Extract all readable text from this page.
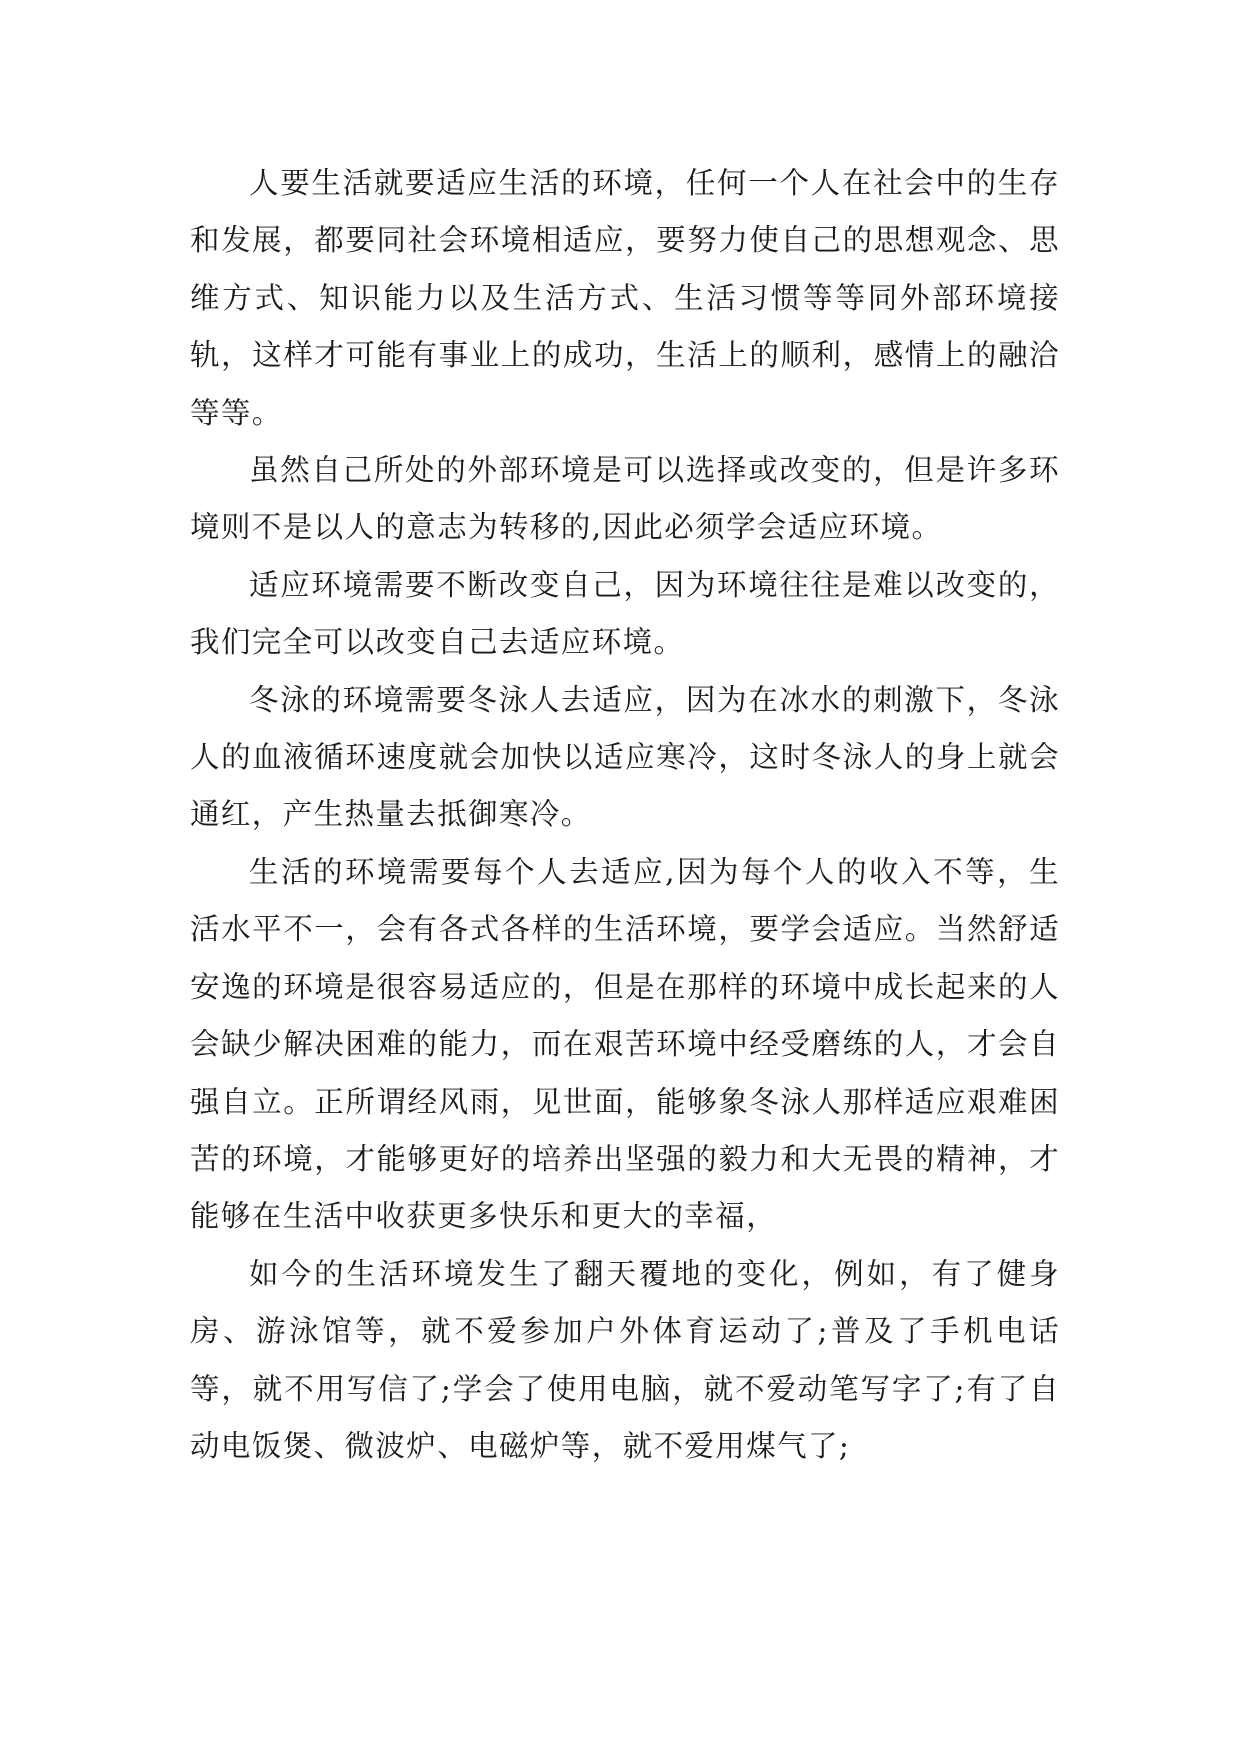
人要生活就要适应生活的环境，任何一个人在社会中的生存和发展，都要同社会环境相适应，要努力使自己的思想观念、思维方式、知识能力以及生活方式、生活习惯等等同外部环境接轨，这样才可能有事业上的成功，生活上的顺利，感情上的融洽等等。

虽然自己所处的外部环境是可以选择或改变的，但是许多环境则不是以人的意志为转移的,因此必须学会适应环境。

适应环境需要不断改变自己，因为环境往往是难以改变的，我们完全可以改变自己去适应环境。

冬泳的环境需要冬泳人去适应，因为在冰水的刺激下，冬泳人的血液循环速度就会加快以适应寒冷，这时冬泳人的身上就会通红，产生热量去抵御寒冷。

生活的环境需要每个人去适应,因为每个人的收入不等，生活水平不一，会有各式各样的生活环境，要学会适应。当然舒适安逸的环境是很容易适应的，但是在那样的环境中成长起来的人会缺少解决困难的能力，而在艰苦环境中经受磨练的人，才会自强自立。正所谓经风雨，见世面，能够象冬泳人那样适应艰难困苦的环境，才能够更好的培养出坚强的毅力和大无畏的精神，才能够在生活中收获更多快乐和更大的幸福，

如今的生活环境发生了翻天覆地的变化，例如，有了健身房、游泳馆等，就不爱参加户外体育运动了;普及了手机电话等，就不用写信了;学会了使用电脑，就不爱动笔写字了;有了自动电饭煲、微波炉、电磁炉等，就不爱用煤气了;
